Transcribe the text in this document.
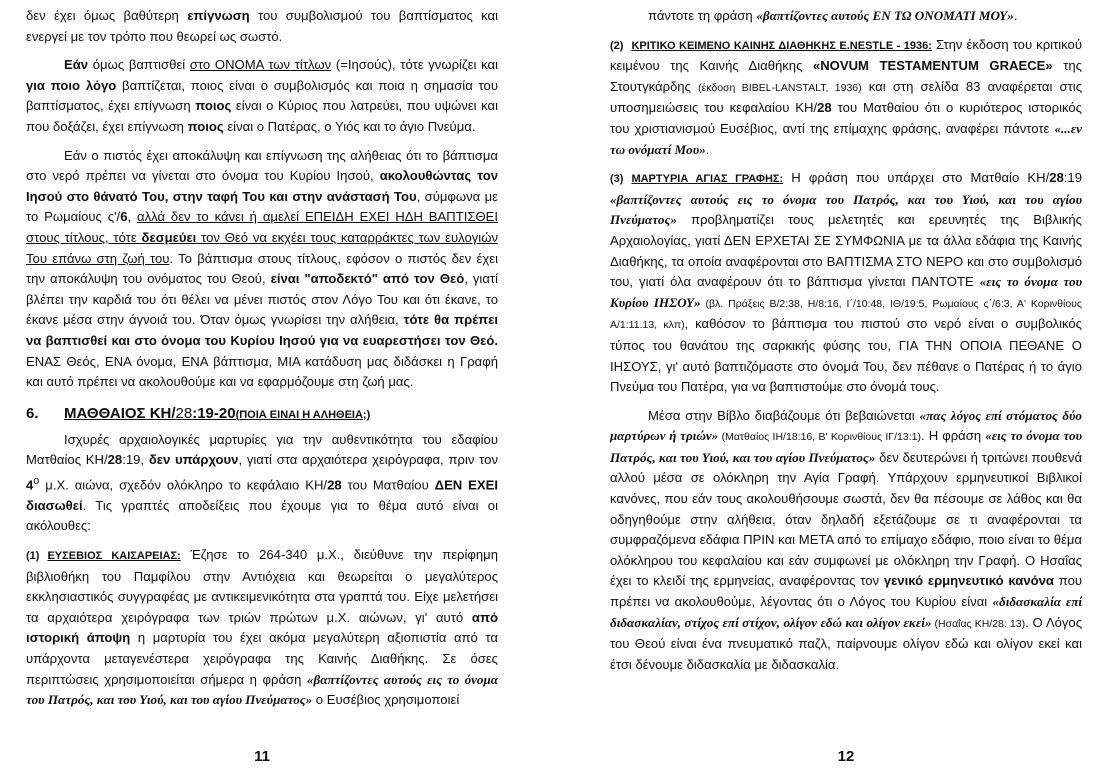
δεν έχει όμως βαθύτερη επίγνωση του συμβολισμού του βαπτίσματος και ενεργεί με τον τρόπο που θεωρεί ως σωστό.

Εάν όμως βαπτισθεί στο ΟΝΟΜΑ των τίτλων (=Ιησούς), τότε γνωρίζει και για ποιο λόγο βαπτίζεται, ποιος είναι ο συμβολισμός και ποια η σημασία του βαπτίσματος, έχει επίγνωση ποιος είναι ο Κύριος που λατρεύει, που υψώνει και που δοξάζει, έχει επίγνωση ποιος είναι ο Πατέρας, ο Υιός και το άγιο Πνεύμα.

Εάν ο πιστός έχει αποκάλυψη και επίγνωση της αλήθειας ότι το βάπτισμα στο νερό πρέπει να γίνεται στο όνομα του Κυρίου Ιησού, ακολουθώντας τον Ιησού στο θάνατό Του, στην ταφή Του και στην ανάστασή Του, σύμφωνα με το Ρωμαίους ς'/6, αλλά δεν το κάνει ή αμελεί ΕΠΕΙΔΗ ΕΧΕΙ ΗΔΗ ΒΑΠΤΙΣΘΕΙ στους τίτλους, τότε δεσμεύει τον Θεό να εκχέει τους καταρράκτες των ευλογιών Του επάνω στη ζωή του. Το βάπτισμα στους τίτλους, εφόσον ο πιστός δεν έχει την αποκάλυψη του ονόματος του Θεού, είναι "αποδεκτό" από τον Θεό, γιατί βλέπει την καρδιά του ότι θέλει να μένει πιστός στον Λόγο Του και ότι έκανε, το έκανε μέσα στην άγνοιά του. Όταν όμως γνωρίσει την αλήθεια, τότε θα πρέπει να βαπτισθεί και στο όνομα του Κυρίου Ιησού για να ευαρεστήσει τον Θεό. ΕΝΑΣ Θεός, ΕΝΑ όνομα, ΕΝΑ βάπτισμα, ΜΙΑ κατάδυση μας διδάσκει η Γραφή και αυτό πρέπει να ακολουθούμε και να εφαρμόζουμε στη ζωή μας.

6.	ΜΑΘΘΑΙΟΣ ΚΗ/28:19-20 (ΠΟΙΑ ΕΙΝΑΙ Η ΑΛΗΘΕΙΑ;)

Ισχυρές αρχαιολογικές μαρτυρίες για την αυθεντικότητα του εδαφίου Ματθαίος ΚΗ/28:19, δεν υπάρχουν, γιατί στα αρχαιότερα χειρόγραφα, πριν τον $4^o$ μ.Χ. αιώνα, σχεδόν ολόκληρο το κεφάλαιο ΚΗ/28 του Ματθαίου ΔΕΝ ΕΧΕΙ διασωθεί. Τις γραπτές αποδείξεις που έχουμε για το θέμα αυτό είναι οι ακόλουθες:

(1) ΕΥΣΕΒΙΟΣ ΚΑΙΣΑΡΕΙΑΣ: Έζησε το 264-340 μ.Χ., διεύθυνε την περίφημη βιβλιοθήκη του Παμφίλου στην Αντιόχεια και θεωρείται ο μεγαλύτερος εκκλησιαστικός συγγραφέας με αντικειμενικότητα στα γραπτά του. Είχε μελετήσει τα αρχαιότερα χειρόγραφα των τριών πρώτων μ.Χ. αιώνων, γι' αυτό από ιστορική άποψη η μαρτυρία του έχει ακόμα μεγαλύτερη αξιοπιστία από τα υπάρχοντα μεταγενέστερα χειρόγραφα της Καινής Διαθήκης. Σε όσες περιπτώσεις χρησιμοποιείται σήμερα η φράση «βαπτίζοντες αυτούς εις το όνομα του Πατρός, και του Υιού, και του αγίου Πνεύματος» ο Ευσέβιος χρησιμοποιεί

11

πάντοτε τη φράση «βαπτίζοντες αυτούς ΕΝ ΤΩ ΟΝΟΜΑΤΙ ΜΟΥ».

(2) ΚΡΙΤΙΚΟ ΚΕΙΜΕΝΟ ΚΑΙΝΗΣ ΔΙΑΘΗΚΗΣ E.NESTLE - 1936: Στην έκδοση του κριτικού κειμένου της Καινής Διαθήκης «NOVUM TESTAMENTUM GRAECE» της Στουτγκάρδης (έκδοση BIBEL-LANSTALT, 1936) και στη σελίδα 83 αναφέρεται στις υποσημειώσεις του κεφαλαίου ΚΗ/28 του Ματθαίου ότι ο κυριότερος ιστορικός του χριστιανισμού Ευσέβιος, αντί της επίμαχης φράσης, αναφέρει πάντοτε «...εν τω ονόματί Μου».

(3) ΜΑΡΤΥΡΙΑ ΑΓΙΑΣ ΓΡΑΦΗΣ: Η φράση που υπάρχει στο Ματθαίο ΚΗ/28:19 «βαπτίζοντες αυτούς εις το όνομα του Πατρός, και του Υιού, και του αγίου Πνεύματος» προβληματίζει τους μελετητές και ερευνητές της Βιβλικής Αρχαιολογίας, γιατί ΔΕΝ ΕΡΧΕΤΑΙ ΣΕ ΣΥΜΦΩΝΙΑ με τα άλλα εδάφια της Καινής Διαθήκης, τα οποία αναφέρονται στο ΒΑΠΤΙΣΜΑ ΣΤΟ ΝΕΡΟ και στο συμβολισμό του, γιατί όλα αναφέρουν ότι το βάπτισμα γίνεται ΠΑΝΤΟΤΕ «εις το όνομα του Κυρίου ΙΗΣΟΥ» (βλ. Πράξεις Β/2:38, Η/8:16, Ι΄/10:48, ΙΘ/19:5, Ρωμαίους ς΄/6:3, Α' Κορινθίους Α/1:11.13, κλπ), καθόσον το βάπτισμα του πιστού στο νερό είναι ο συμβολικός τύπος του θανάτου της σαρκικής φύσης του, ΓΙΑ ΤΗΝ ΟΠΟΙΑ ΠΕΘΑΝΕ Ο ΙΗΣΟΥΣ, γι' αυτό βαπτιζόμαστε στο όνομά Του, δεν πέθανε ο Πατέρας ή το άγιο Πνεύμα του Πατέρα, για να βαπτιστούμε στο όνομά τους.

Μέσα στην Βίβλο διαβάζουμε ότι βεβαιώνεται «πας λόγος επί στόματος δύο μαρτύρων ή τριών» (Ματθαίος ΙΗ/18:16, Β' Κορινθίους ΙΓ/13:1). Η φράση «εις το όνομα του Πατρός, και του Υιού, και του αγίου Πνεύματος» δεν δευτερώνει ή τριτώνει πουθενά αλλού μέσα σε ολόκληρη την Αγία Γραφή. Υπάρχουν ερμηνευτικοί Βιβλικοί κανόνες, που εάν τους ακολουθήσουμε σωστά, δεν θα πέσουμε σε λάθος και θα οδηγηθούμε στην αλήθεια, όταν δηλαδή εξετάζουμε σε τι αναφέρονται τα συμφραζόμενα εδάφια ΠΡΙΝ και ΜΕΤΑ από το επίμαχο εδάφιο, ποιο είναι το θέμα ολόκληρου του κεφαλαίου και εάν συμφωνεί με ολόκληρη την Γραφή. Ο Ησαΐας έχει το κλειδί της ερμηνείας, αναφέροντας τον γενικό ερμηνευτικό κανόνα που πρέπει να ακολουθούμε, λέγοντας ότι ο Λόγος του Κυρίου είναι «διδασκαλία επί διδασκαλίαν, στίχος επί στίχον, ολίγον εδώ και ολίγον εκεί» (Ησαΐας ΚΗ/28: 13). Ο Λόγος του Θεού είναι ένα πνευματικό παζλ, παίρνουμε ολίγον εδώ και ολίγον εκεί και έτσι δένουμε διδασκαλία με διδασκαλία.

12
